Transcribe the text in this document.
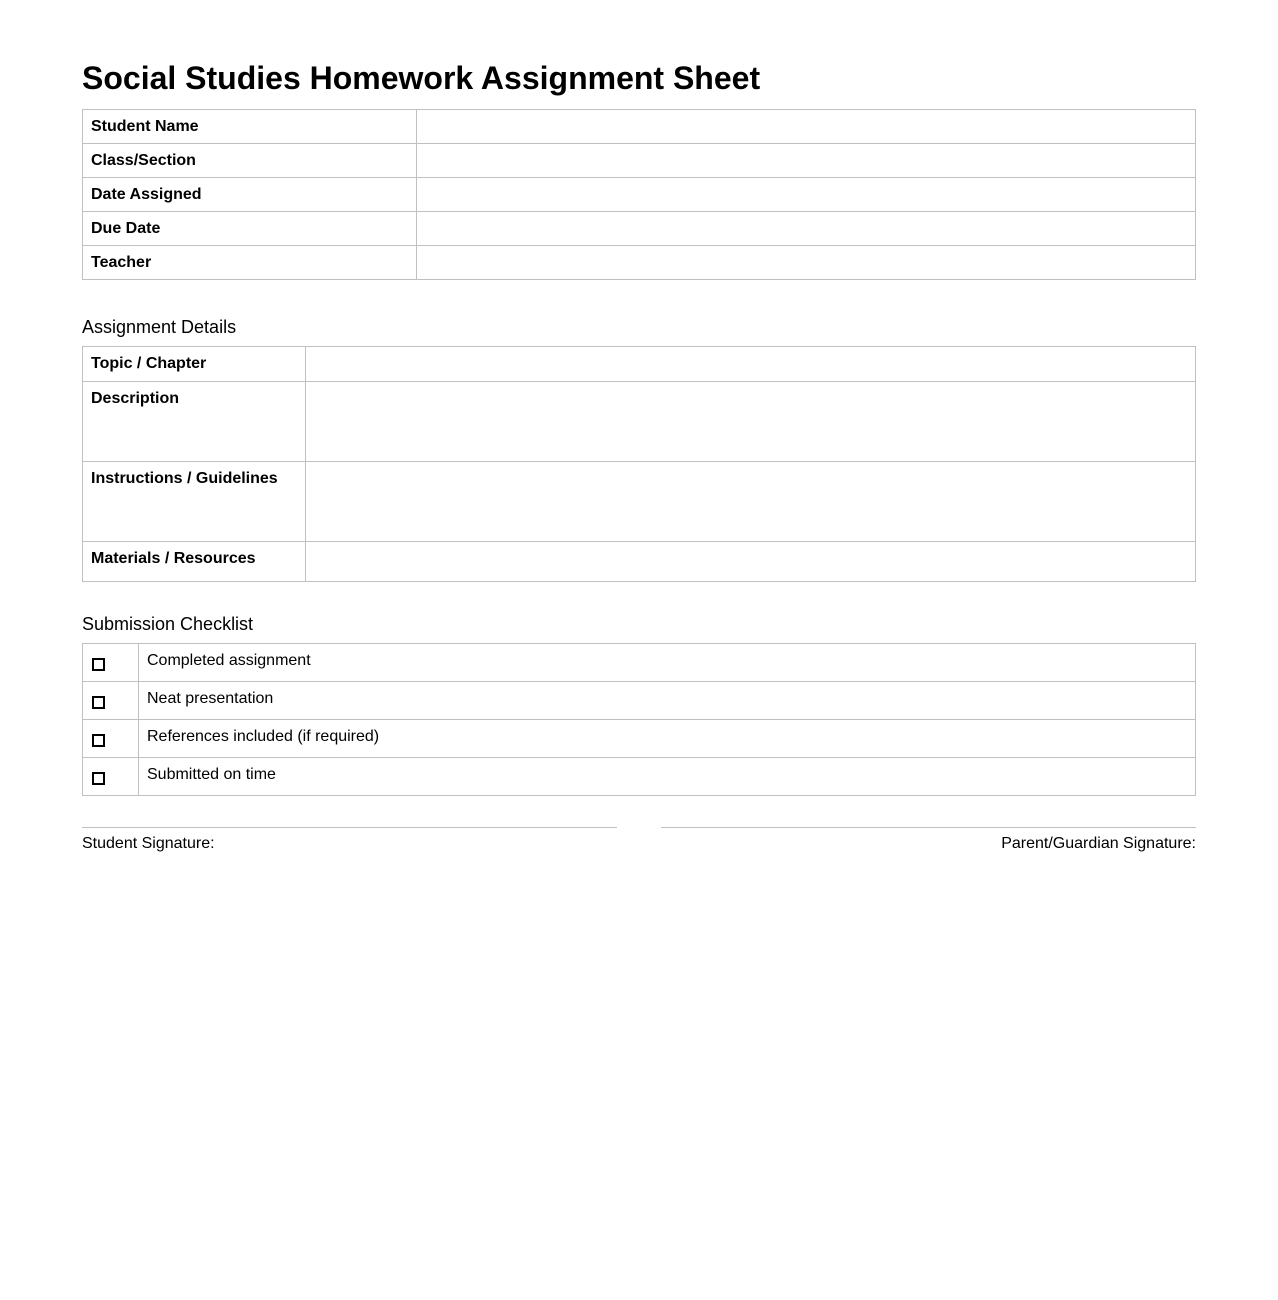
Social Studies Homework Assignment Sheet
Student Name	
Class/Section	
Date Assigned	
Due Date	
Teacher	
Assignment Details
Topic / Chapter	
Description	
Instructions / Guidelines	
Materials / Resources	
Submission Checklist
	Completed assignment

	Neat presentation

	References included (if required)

	Submitted on time
Student Signature:	Parent/Guardian Signature:
